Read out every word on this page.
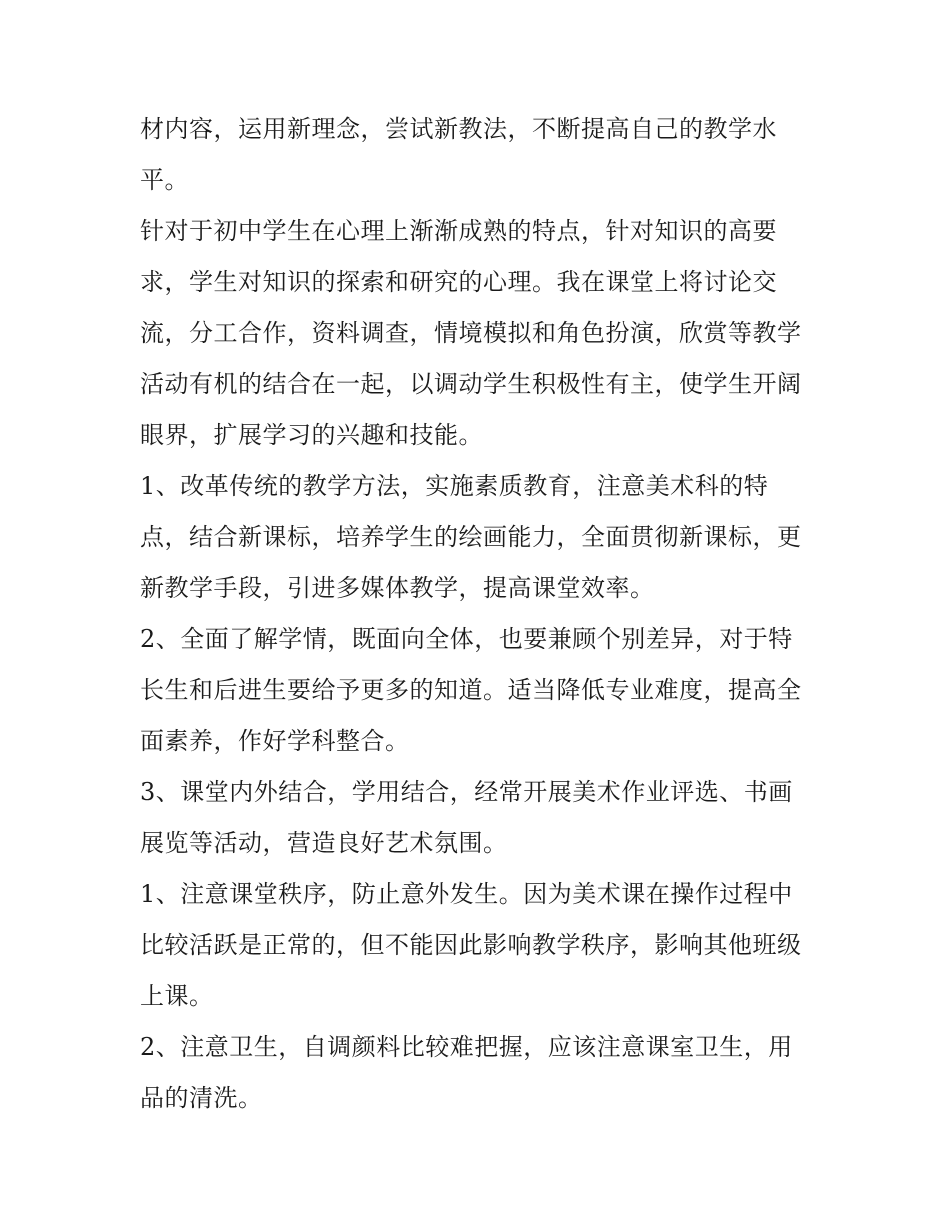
材内容，运用新理念，尝试新教法，不断提高自己的教学水
平。
针对于初中学生在心理上渐渐成熟的特点，针对知识的高要
求，学生对知识的探索和研究的心理。我在课堂上将讨论交
流，分工合作，资料调查，情境模拟和角色扮演，欣赏等教学
活动有机的结合在一起，以调动学生积极性有主，使学生开阔
眼界，扩展学习的兴趣和技能。
1、改革传统的教学方法，实施素质教育，注意美术科的特
点，结合新课标，培养学生的绘画能力，全面贯彻新课标，更
新教学手段，引进多媒体教学，提高课堂效率。
2、全面了解学情，既面向全体，也要兼顾个别差异，对于特
长生和后进生要给予更多的知道。适当降低专业难度，提高全
面素养，作好学科整合。
3、课堂内外结合，学用结合，经常开展美术作业评选、书画
展览等活动，营造良好艺术氛围。
1、注意课堂秩序，防止意外发生。因为美术课在操作过程中
比较活跃是正常的，但不能因此影响教学秩序，影响其他班级
上课。
2、注意卫生，自调颜料比较难把握，应该注意课室卫生，用
品的清洗。
